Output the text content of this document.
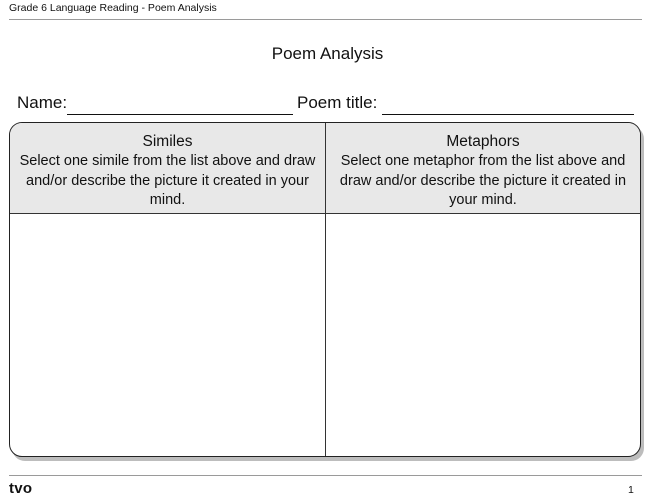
Grade 6 Language Reading - Poem Analysis
Poem Analysis
Name:	Poem title:
Similes
Select one simile from the list above and draw and/or describe the picture it created in your mind.
Metaphors
Select one metaphor from the list above and draw and/or describe the picture it created in your mind.
tvo	1
